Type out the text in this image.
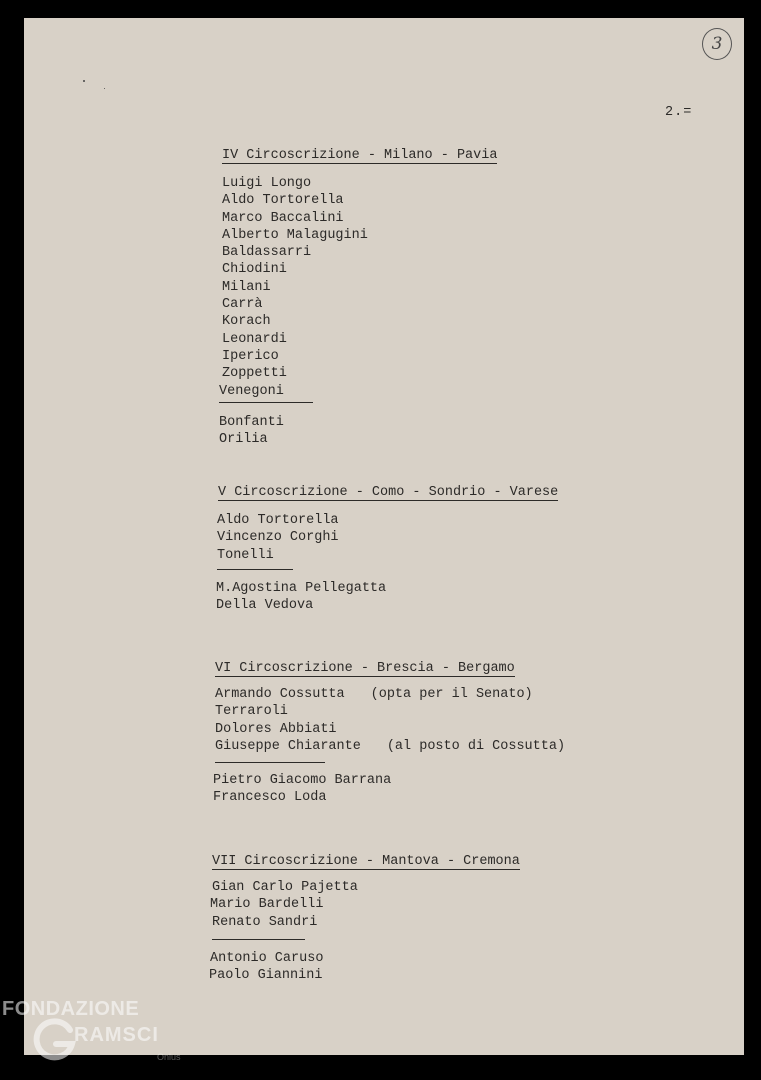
3
2.=
IV Circoscrizione - Milano - Pavia
Luigi Longo
Aldo Tortorella
Marco Baccalini
Alberto Malagugini
Baldassarri
Chiodini
Milani
Carrà
Korach
Leonardi
Iperico
Zoppetti
Venegoni
Bonfanti
Orilia
V Circoscrizione - Como - Sondrio - Varese
Aldo Tortorella
Vincenzo Corghi
Tonelli
M.Agostina Pellegatta
Della Vedova
VI Circoscrizione - Brescia - Bergamo
Armando Cossutta (opta per il Senato)
Terraroli
Dolores Abbiati
Giuseppe Chiarante (al posto di Cossutta)
Pietro Giacomo Barrana
Francesco Loda
VII Circoscrizione - Mantova - Cremona
Gian Carlo Pajetta
Mario Bardelli
Renato Sandri
Antonio Caruso
Paolo Giannini
FONDAZIONE
RAMSCI
Onlus
